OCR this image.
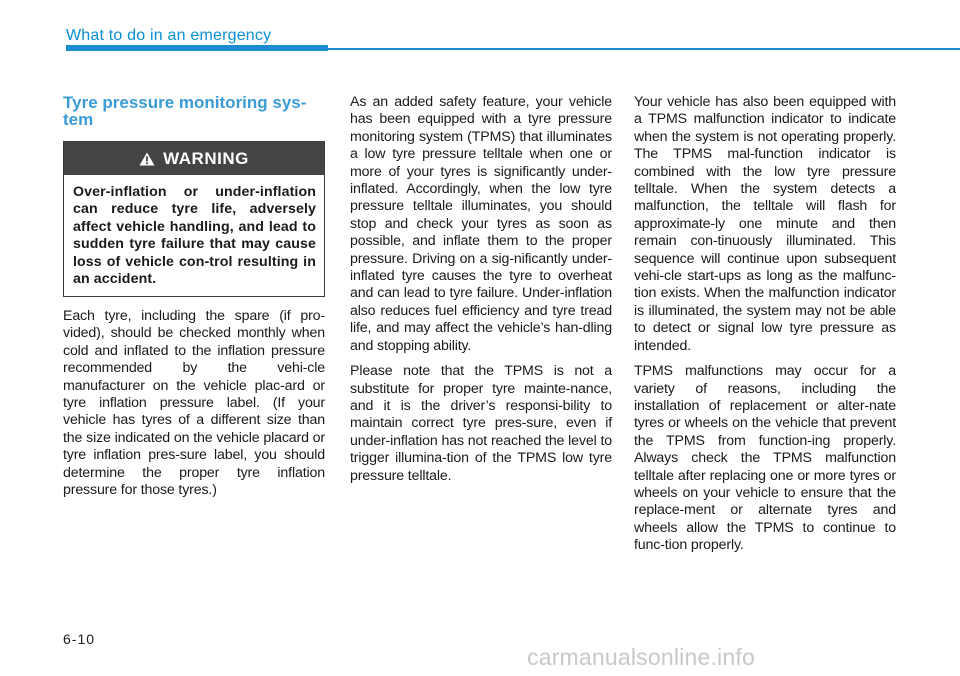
What to do in an emergency
Tyre pressure monitoring sys-
tem
WARNING
Over-inflation or under-inflation can reduce tyre life, adversely affect vehicle handling, and lead to sudden tyre failure that may cause loss of vehicle con-trol resulting in an accident.

Each tyre, including the spare (if pro-vided), should be checked monthly when cold and inflated to the inflation pressure recommended by the vehi-cle manufacturer on the vehicle plac-ard or tyre inflation pressure label. (If your vehicle has tyres of a different size than the size indicated on the vehicle placard or tyre inflation pres-sure label, you should determine the proper tyre inflation pressure for those tyres.)

As an added safety feature, your vehicle has been equipped with a tyre pressure monitoring system (TPMS) that illuminates a low tyre pressure telltale when one or more of your tyres is significantly under-inflated. Accordingly, when the low tyre pressure telltale illuminates, you should stop and check your tyres as soon as possible, and inflate them to the proper pressure. Driving on a sig-nificantly under-inflated tyre causes the tyre to overheat and can lead to tyre failure. Under-inflation also reduces fuel efficiency and tyre tread life, and may affect the vehicle’s han-dling and stopping ability.

Please note that the TPMS is not a substitute for proper tyre mainte-nance, and it is the driver’s responsi-bility to maintain correct tyre pres-sure, even if under-inflation has not reached the level to trigger illumina-tion of the TPMS low tyre pressure telltale.

Your vehicle has also been equipped with a TPMS malfunction indicator to indicate when the system is not operating properly. The TPMS mal-function indicator is combined with the low tyre pressure telltale. When the system detects a malfunction, the telltale will flash for approximate-ly one minute and then remain con-tinuously illuminated. This sequence will continue upon subsequent vehi-cle start-ups as long as the malfunc-tion exists. When the malfunction indicator is illuminated, the system may not be able to detect or signal low tyre pressure as intended.

TPMS malfunctions may occur for a variety of reasons, including the installation of replacement or alter-nate tyres or wheels on the vehicle that prevent the TPMS from function-ing properly. Always check the TPMS malfunction telltale after replacing one or more tyres or wheels on your vehicle to ensure that the replace-ment or alternate tyres and wheels allow the TPMS to continue to func-tion properly.

6-10
carmanualsonline.info
